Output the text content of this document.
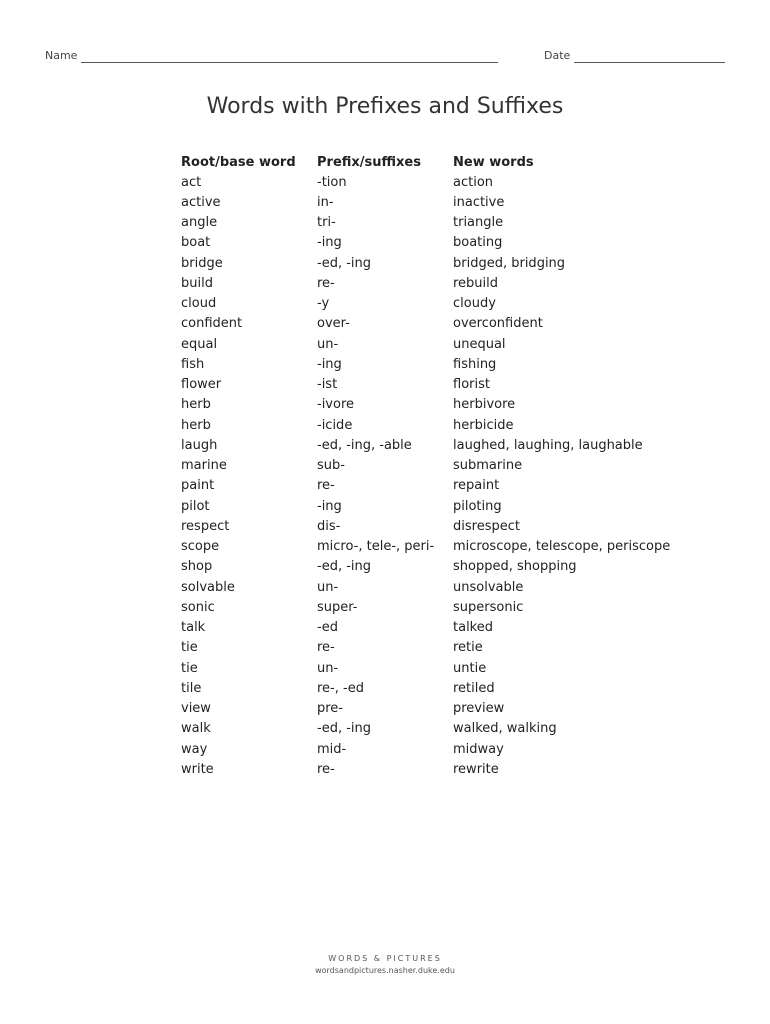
Name	Date
Words with Prefixes and Suffixes
Root/base word	Prefix/suffixes	New words
act	-tion	action
active	in-	inactive
angle	tri-	triangle
boat	-ing	boating
bridge	-ed, -ing	bridged, bridging
build	re-	rebuild
cloud	-y	cloudy
confident	over-	overconfident
equal	un-	unequal
fish	-ing	fishing
flower	-ist	florist
herb	-ivore	herbivore
herb	-icide	herbicide
laugh	-ed, -ing, -able	laughed, laughing, laughable
marine	sub-	submarine
paint	re-	repaint
pilot	-ing	piloting
respect	dis-	disrespect
scope	micro-, tele-, peri-	microscope, telescope, periscope
shop	-ed, -ing	shopped, shopping
solvable	un-	unsolvable
sonic	super-	supersonic
talk	-ed	talked
tie	re-	retie
tie	un-	untie
tile	re-, -ed	retiled
view	pre-	preview
walk	-ed, -ing	walked, walking
way	mid-	midway
write	re-	rewrite
WORDS & PICTURES
wordsandpictures.nasher.duke.edu
